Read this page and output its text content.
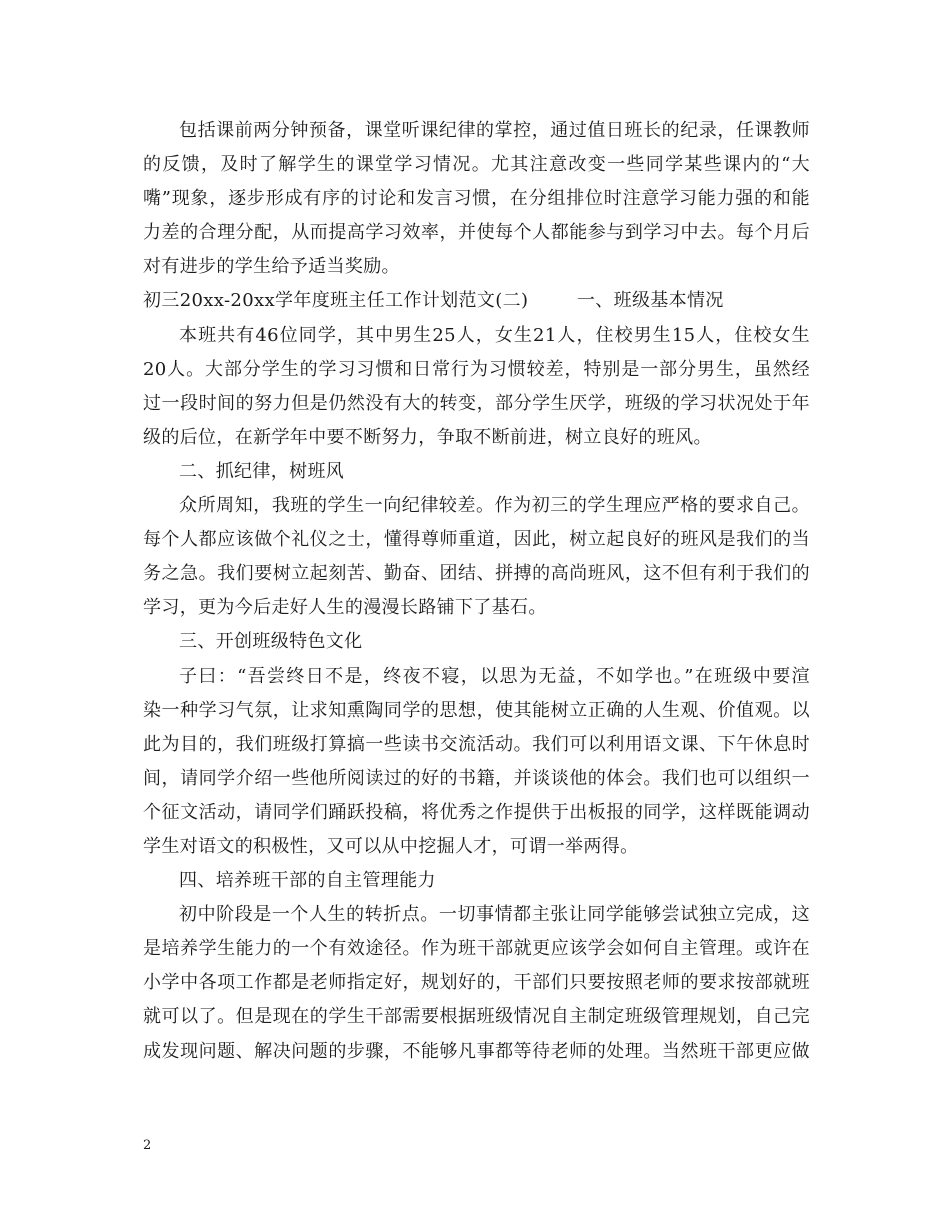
包括课前两分钟预备，课堂听课纪律的掌控，通过值日班长的纪录，任课教师
的反馈，及时了解学生的课堂学习情况。尤其注意改变一些同学某些课内的“大
嘴”现象，逐步形成有序的讨论和发言习惯，在分组排位时注意学习能力强的和能
力差的合理分配，从而提高学习效率，并使每个人都能参与到学习中去。每个月后
对有进步的学生给予适当奖励。
初三20xx-20xx学年度班主任工作计划范文(二)        一、班级基本情况
本班共有46位同学，其中男生25人，女生21人，住校男生15人，住校女生
20人。大部分学生的学习习惯和日常行为习惯较差，特别是一部分男生，虽然经
过一段时间的努力但是仍然没有大的转变，部分学生厌学，班级的学习状况处于年
级的后位，在新学年中要不断努力，争取不断前进，树立良好的班风。
二、抓纪律，树班风
众所周知，我班的学生一向纪律较差。作为初三的学生理应严格的要求自己。
每个人都应该做个礼仪之士，懂得尊师重道，因此，树立起良好的班风是我们的当
务之急。我们要树立起刻苦、勤奋、团结、拼搏的高尚班风，这不但有利于我们的
学习，更为今后走好人生的漫漫长路铺下了基石。
三、开创班级特色文化
子曰：“吾尝终日不是，终夜不寝，以思为无益，不如学也。”在班级中要渲
染一种学习气氛，让求知熏陶同学的思想，使其能树立正确的人生观、价值观。以
此为目的，我们班级打算搞一些读书交流活动。我们可以利用语文课、下午休息时
间，请同学介绍一些他所阅读过的好的书籍，并谈谈他的体会。我们也可以组织一
个征文活动，请同学们踊跃投稿，将优秀之作提供于出板报的同学，这样既能调动
学生对语文的积极性，又可以从中挖掘人才，可谓一举两得。
四、培养班干部的自主管理能力
初中阶段是一个人生的转折点。一切事情都主张让同学能够尝试独立完成，这
是培养学生能力的一个有效途径。作为班干部就更应该学会如何自主管理。或许在
小学中各项工作都是老师指定好，规划好的，干部们只要按照老师的要求按部就班
就可以了。但是现在的学生干部需要根据班级情况自主制定班级管理规划，自己完
成发现问题、解决问题的步骤，不能够凡事都等待老师的处理。当然班干部更应做
2
